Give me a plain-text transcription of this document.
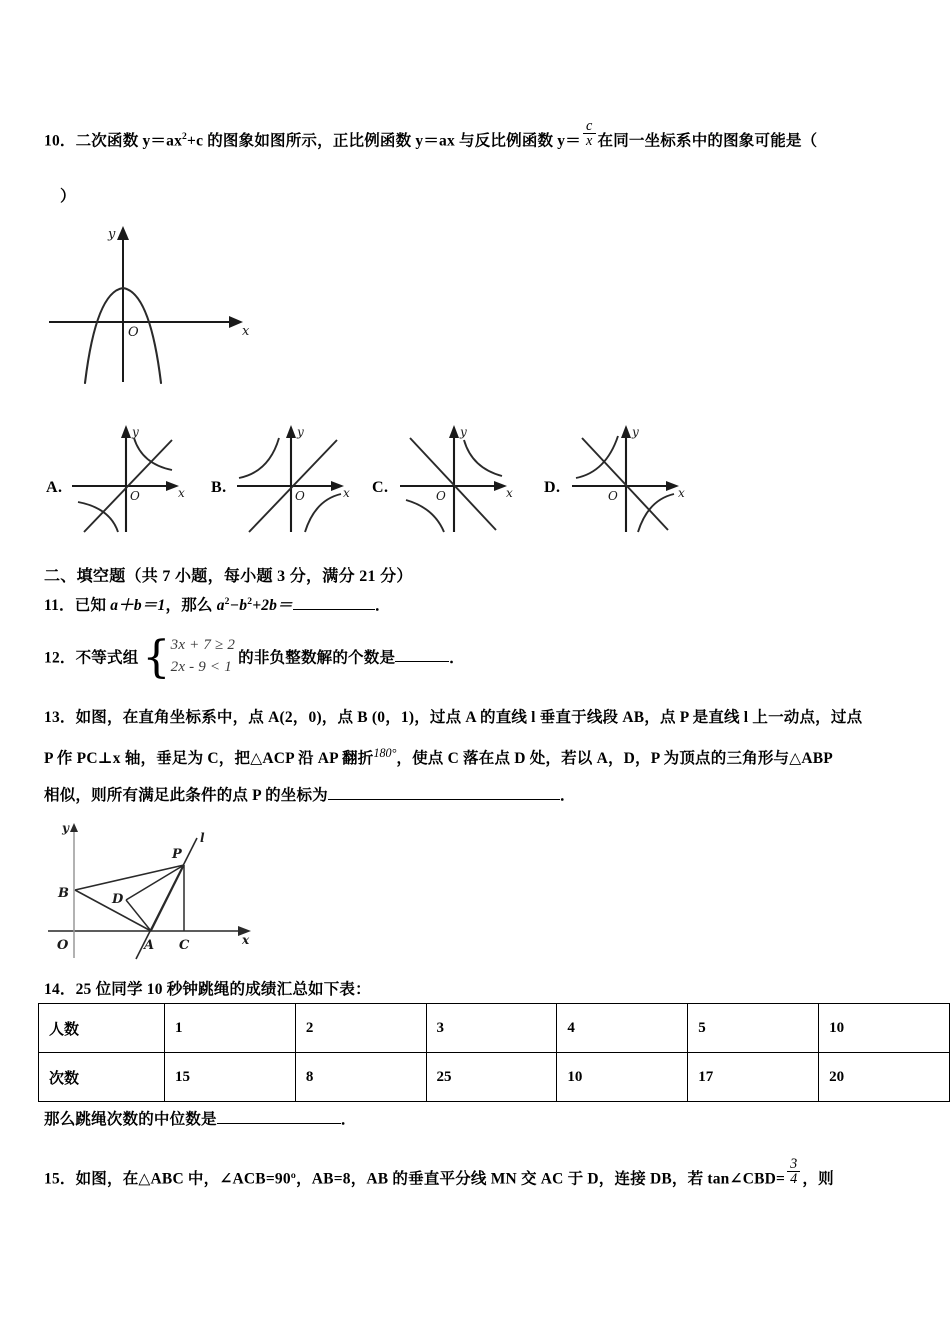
10．二次函数 $y=ax^2+c$ 的图象如图所示，正比例函数 y＝ax 与反比例函数 $y= \frac{c}{x}$ 在同一坐标系中的图象可能是（
）
x
y
O
A.	x
y
O	B.	x
y
O	C.	x
y
O	D.	x
y
O
二、填空题（共 7 小题，每小题 3 分，满分 21 分）
11．已知 a＋b＝1，那么 $a^2-b^2+2b=$	．
12．不等式组{ 3x + 7 ≥ 2
2x - 9 < 1
的非负整数解的个数是	．
13．如图，在直角坐标系中，点 A(2，0)，点 B (0，1)，过点 A 的直线 l 垂直于线段 AB，点 P 是直线 l 上一动点，过点
P 作 PC⊥x 轴，垂足为 C，把△ACP 沿 AP 翻折$^{180^\circ}$，使点 C 落在点 D 处，若以 A，D，P 为顶点的三角形与△ABP
相似，则所有满足此条件的点 P 的坐标为	．
x
y
l
B	D
O	A C
P
14．25 位同学 10 秒钟跳绳的成绩汇总如下表：
人数	1	2	3	4	5	10
次数	15	8	25	10	17	20
那么跳绳次数的中位数是	．
15．如图，在△ABC 中，∠ACB=90º，AB=8，AB 的垂直平分线 MN 交 AC 于 D，连接 DB，若 tan∠CBD= $\frac{3}{4}$ ，则
